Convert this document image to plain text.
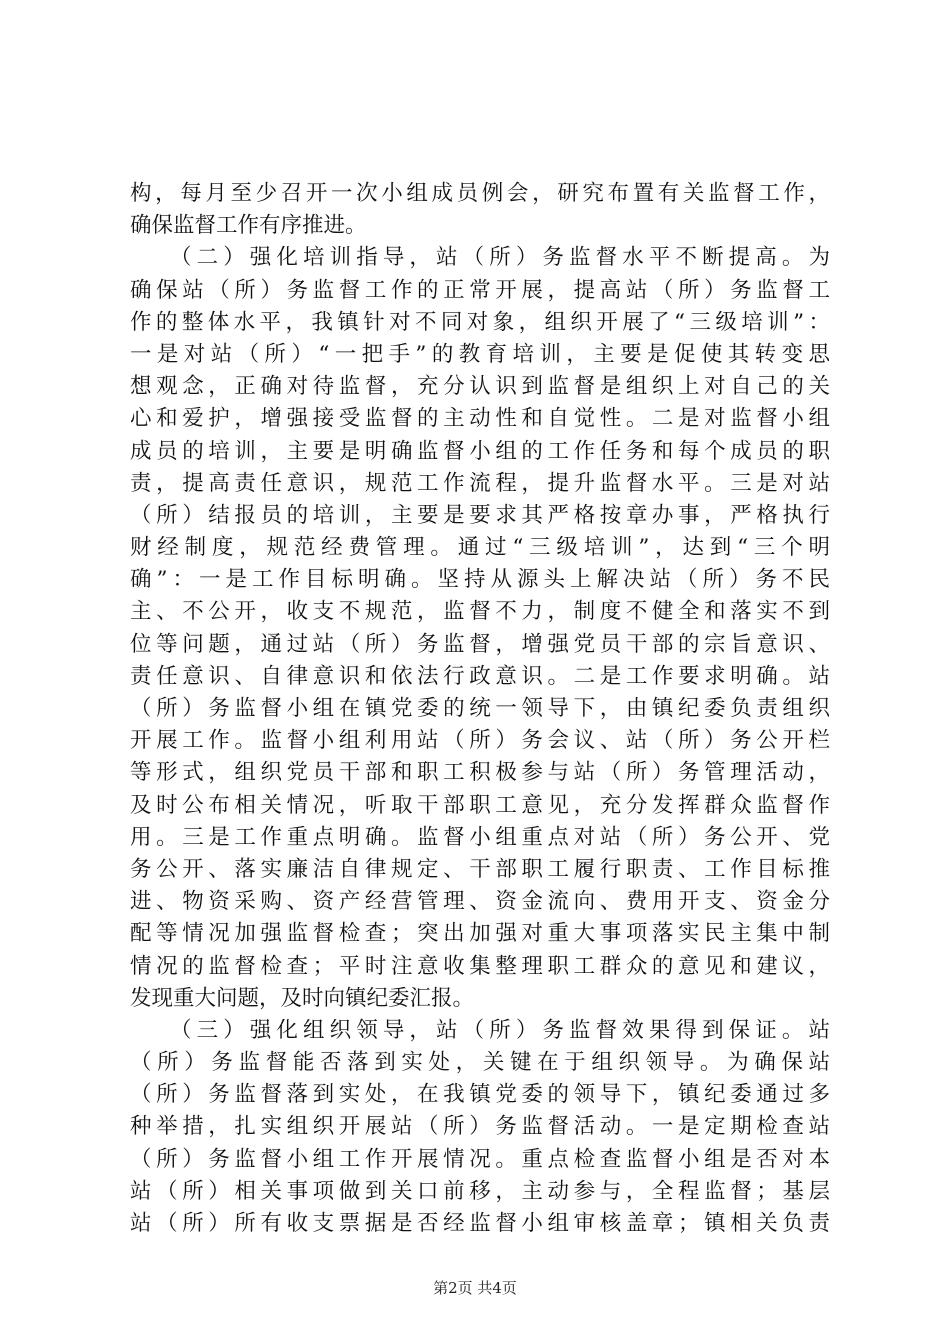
构，每月至少召开一次小组成员例会，研究布置有关监督工作，
确保监督工作有序推进。
（二）强化培训指导，站（所）务监督水平不断提高。为
确保站（所）务监督工作的正常开展，提高站（所）务监督工
作的整体水平，我镇针对不同对象，组织开展了“三级培训”：
一是对站（所）“一把手”的教育培训，主要是促使其转变思
想观念，正确对待监督，充分认识到监督是组织上对自己的关
心和爱护，增强接受监督的主动性和自觉性。二是对监督小组
成员的培训，主要是明确监督小组的工作任务和每个成员的职
责，提高责任意识，规范工作流程，提升监督水平。三是对站
（所）结报员的培训，主要是要求其严格按章办事，严格执行
财经制度，规范经费管理。通过“三级培训”，达到“三个明
确”：一是工作目标明确。坚持从源头上解决站（所）务不民
主、不公开，收支不规范，监督不力，制度不健全和落实不到
位等问题，通过站（所）务监督，增强党员干部的宗旨意识、
责任意识、自律意识和依法行政意识。二是工作要求明确。站
（所）务监督小组在镇党委的统一领导下，由镇纪委负责组织
开展工作。监督小组利用站（所）务会议、站（所）务公开栏
等形式，组织党员干部和职工积极参与站（所）务管理活动，
及时公布相关情况，听取干部职工意见，充分发挥群众监督作
用。三是工作重点明确。监督小组重点对站（所）务公开、党
务公开、落实廉洁自律规定、干部职工履行职责、工作目标推
进、物资采购、资产经营管理、资金流向、费用开支、资金分
配等情况加强监督检查；突出加强对重大事项落实民主集中制
情况的监督检查；平时注意收集整理职工群众的意见和建议，
发现重大问题，及时向镇纪委汇报。
（三）强化组织领导，站（所）务监督效果得到保证。站
（所）务监督能否落到实处，关键在于组织领导。为确保站
（所）务监督落到实处，在我镇党委的领导下，镇纪委通过多
种举措，扎实组织开展站（所）务监督活动。一是定期检查站
（所）务监督小组工作开展情况。重点检查监督小组是否对本
站（所）相关事项做到关口前移，主动参与，全程监督；基层
站（所）所有收支票据是否经监督小组审核盖章；镇相关负责
第2页 共4页
